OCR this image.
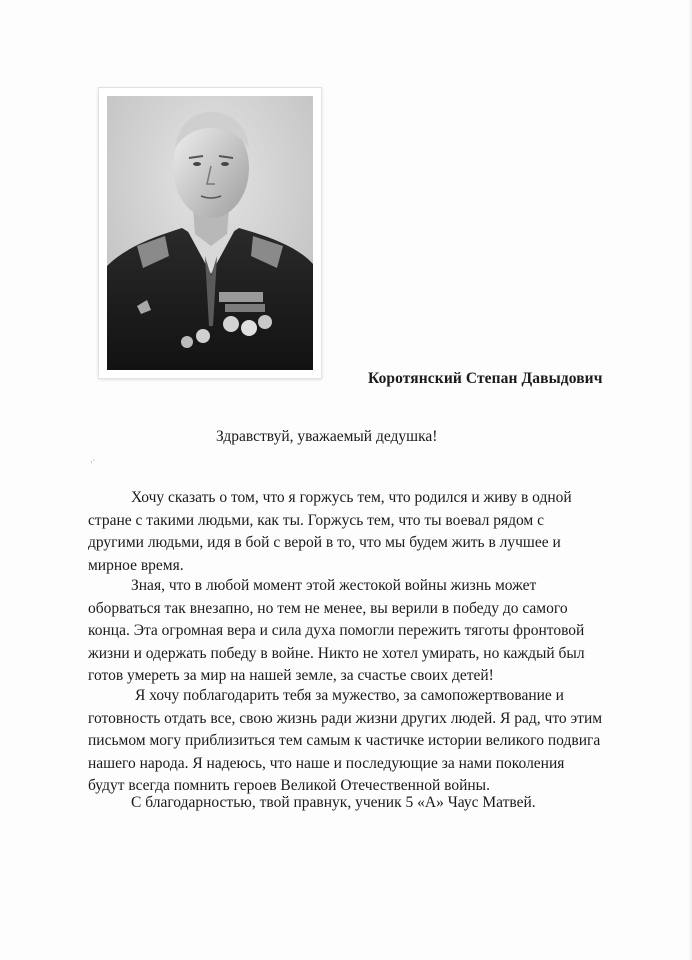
Коротянский Степан Давыдович
Здравствуй, уважаемый дедушка!
·˙

Хочу сказать о том, что я горжусь тем, что родился и живу в одной
стране с такими людьми, как ты. Горжусь тем, что ты воевал рядом с
другими людьми, идя в бой с верой в то, что мы будем жить в лучшее и
мирное время.

Зная, что в любой момент этой жестокой войны жизнь может
оборваться так внезапно, но тем не менее, вы верили в победу до самого
конца. Эта огромная вера и сила духа помогли пережить тяготы фронтовой
жизни и одержать победу в войне. Никто не хотел умирать, но каждый был
готов умереть за мир на нашей земле, за счастье своих детей!

Я хочу поблагодарить тебя за мужество, за самопожертвование и
готовность отдать все, свою жизнь ради жизни других людей. Я рад, что этим
письмом могу приблизиться тем самым к частичке истории великого подвига
нашего народа. Я надеюсь, что наше и последующие за нами поколения
будут всегда помнить героев Великой Отечественной войны.

С благодарностью, твой правнук, ученик 5 «А» Чаус Матвей.
